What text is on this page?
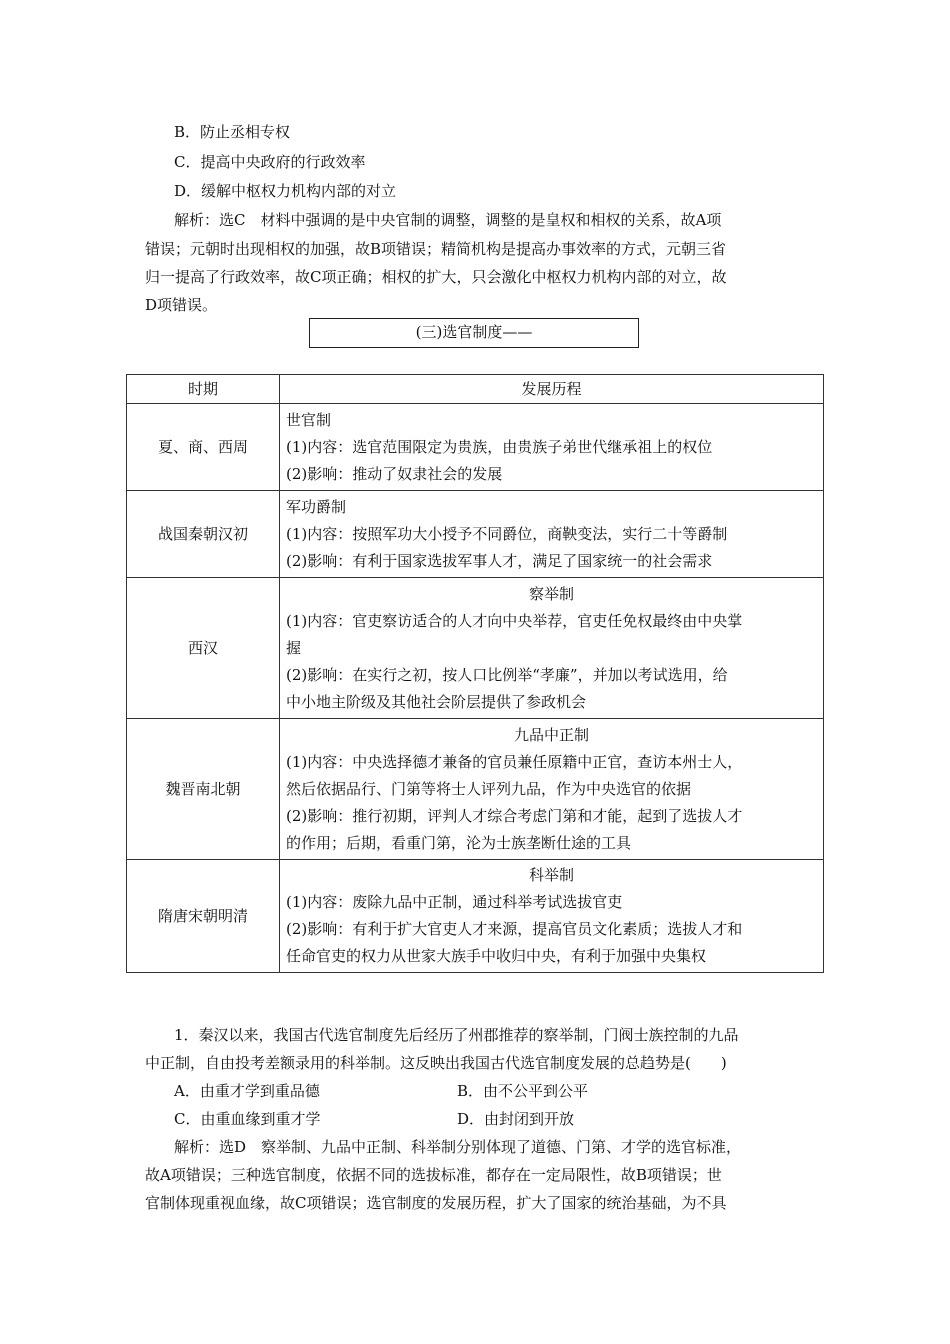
B．防止丞相专权
C．提高中央政府的行政效率
D．缓解中枢权力机构内部的对立
解析：选C　材料中强调的是中央官制的调整，调整的是皇权和相权的关系，故A项
错误；元朝时出现相权的加强，故B项错误；精简机构是提高办事效率的方式，元朝三省
归一提高了行政效率，故C项正确；相权的扩大，只会激化中枢权力机构内部的对立，故
D项错误。
(三)选官制度——
时期	发展历程
夏、商、西周	世官制
(1)内容：选官范围限定为贵族，由贵族子弟世代继承祖上的权位
(2)影响：推动了奴隶社会的发展

战国秦朝汉初	军功爵制
(1)内容：按照军功大小授予不同爵位，商鞅变法，实行二十等爵制
(2)影响：有利于国家选拔军事人才，满足了国家统一的社会需求

西汉	察举制
(1)内容：官吏察访适合的人才向中央举荐，官吏任免权最终由中央掌
握
(2)影响：在实行之初，按人口比例举“孝廉”，并加以考试选用，给
中小地主阶级及其他社会阶层提供了参政机会

魏晋南北朝	九品中正制
(1)内容：中央选择德才兼备的官员兼任原籍中正官，查访本州士人，
然后依据品行、门第等将士人评列九品，作为中央选官的依据
(2)影响：推行初期，评判人才综合考虑门第和才能，起到了选拔人才
的作用；后期，看重门第，沦为士族垄断仕途的工具

隋唐宋朝明清	科举制
(1)内容：废除九品中正制，通过科举考试选拔官吏
(2)影响：有利于扩大官吏人才来源，提高官员文化素质；选拔人才和
任命官吏的权力从世家大族手中收归中央，有利于加强中央集权
1．秦汉以来，我国古代选官制度先后经历了州郡推荐的察举制，门阀士族控制的九品
中正制，自由投考差额录用的科举制。这反映出我国古代选官制度发展的总趋势是(　　)
A．由重才学到重品德	B．由不公平到公平
C．由重血缘到重才学	D．由封闭到开放
解析：选D　察举制、九品中正制、科举制分别体现了道德、门第、才学的选官标准，
故A项错误；三种选官制度，依据不同的选拔标准，都存在一定局限性，故B项错误；世
官制体现重视血缘，故C项错误；选官制度的发展历程，扩大了国家的统治基础，为不具
